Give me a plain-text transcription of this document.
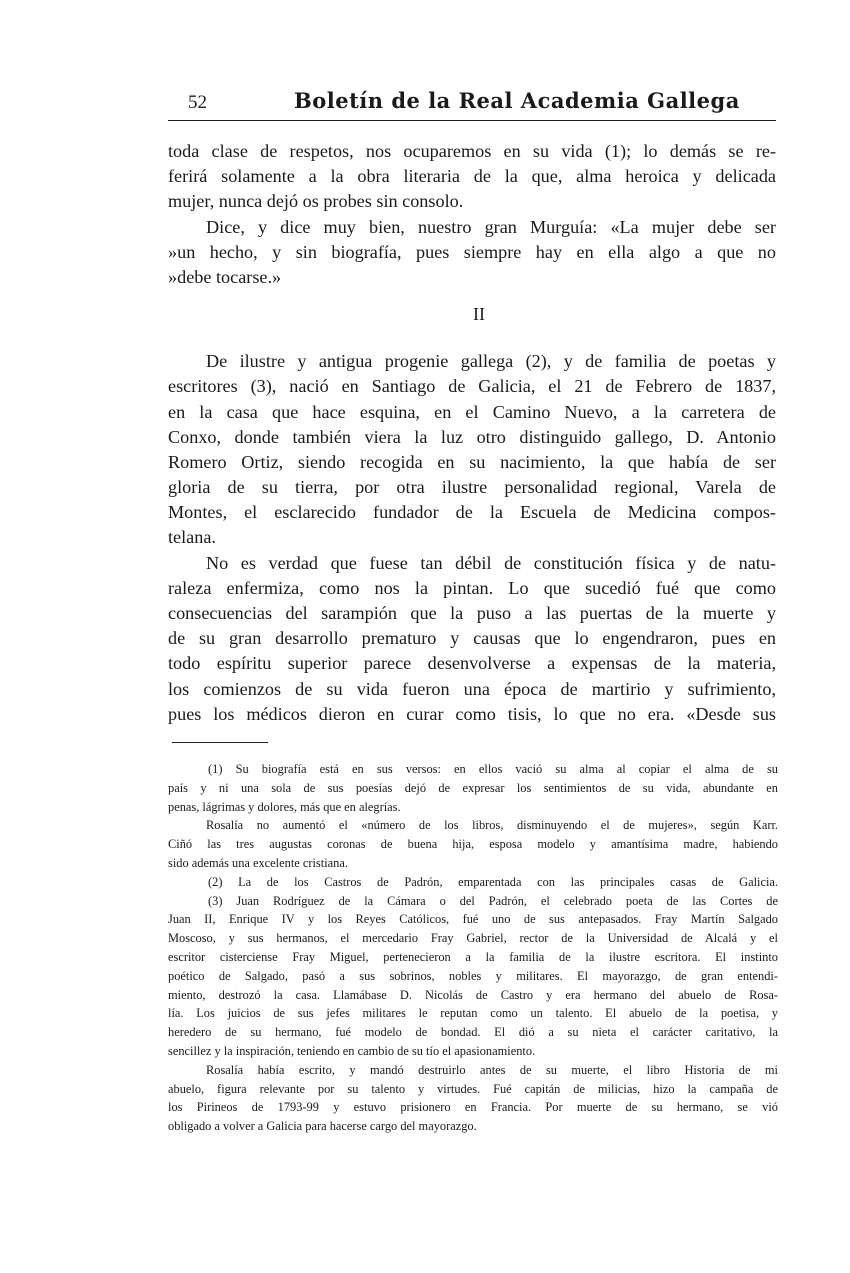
52	Boletín de la Real Academia Gallega
toda clase de respetos, nos ocuparemos en su vida (1); lo demás se re-
ferirá solamente a la obra literaria de la que, alma heroica y delicada
mujer, nunca dejó os probes sin consolo.
Dice, y dice muy bien, nuestro gran Murguía: «La mujer debe ser
»un hecho, y sin biografía, pues siempre hay en ella algo a que no
»debe tocarse.»
II
De ilustre y antigua progenie gallega (2), y de familia de poetas y
escritores (3), nació en Santiago de Galicia, el 21 de Febrero de 1837,
en la casa que hace esquina, en el Camino Nuevo, a la carretera de
Conxo, donde también viera la luz otro distinguido gallego, D. Antonio
Romero Ortiz, siendo recogida en su nacimiento, la que había de ser
gloria de su tierra, por otra ilustre personalidad regional, Varela de
Montes, el esclarecido fundador de la Escuela de Medicina compos-
telana.
No es verdad que fuese tan débil de constitución física y de natu-
raleza enfermiza, como nos la pintan. Lo que sucedió fué que como
consecuencias del sarampión que la puso a las puertas de la muerte y
de su gran desarrollo prematuro y causas que lo engendraron, pues en
todo espíritu superior parece desenvolverse a expensas de la materia,
los comienzos de su vida fueron una época de martirio y sufrimiento,
pues los médicos dieron en curar como tisis, lo que no era. «Desde sus
(1) Su biografía está en sus versos: en ellos vació su alma al copiar el alma de su
país y ni una sola de sus poesías dejó de expresar los sentimientos de su vida, abundante en
penas, lágrimas y dolores, más que en alegrías.
Rosalía no aumentó el «número de los libros, disminuyendo el de mujeres», según Karr.
Ciñó las tres augustas coronas de buena hija, esposa modelo y amantísima madre, habiendo
sido además una excelente cristiana.
(2) La de los Castros de Padrón, emparentada con las principales casas de Galicia.
(3) Juan Rodríguez de la Cámara o del Padrón, el celebrado poeta de las Cortes de
Juan II, Enrique IV y los Reyes Católicos, fué uno de sus antepasados. Fray Martín Salgado
Moscoso, y sus hermanos, el mercedario Fray Gabriel, rector de la Universidad de Alcalá y el
escritor cisterciense Fray Miguel, pertenecieron a la familia de la ilustre escritora. El instinto
poético de Salgado, pasó a sus sobrinos, nobles y militares. El mayorazgo, de gran entendi-
miento, destrozó la casa. Llamábase D. Nicolás de Castro y era hermano del abuelo de Rosa-
lía. Los juicios de sus jefes militares le reputan como un talento. El abuelo de la poetisa, y
heredero de su hermano, fué modelo de bondad. El dió a su nieta el carácter caritativo, la
sencillez y la inspiración, teniendo en cambio de su tío el apasionamiento.
Rosalía había escrito, y mandó destruirlo antes de su muerte, el libro Historia de mi
abuelo, figura relevante por su talento y virtudes. Fué capitán de milicias, hizo la campaña de
los Pirineos de 1793-99 y estuvo prisionero en Francia. Por muerte de su hermano, se vió
obligado a volver a Galicia para hacerse cargo del mayorazgo.
